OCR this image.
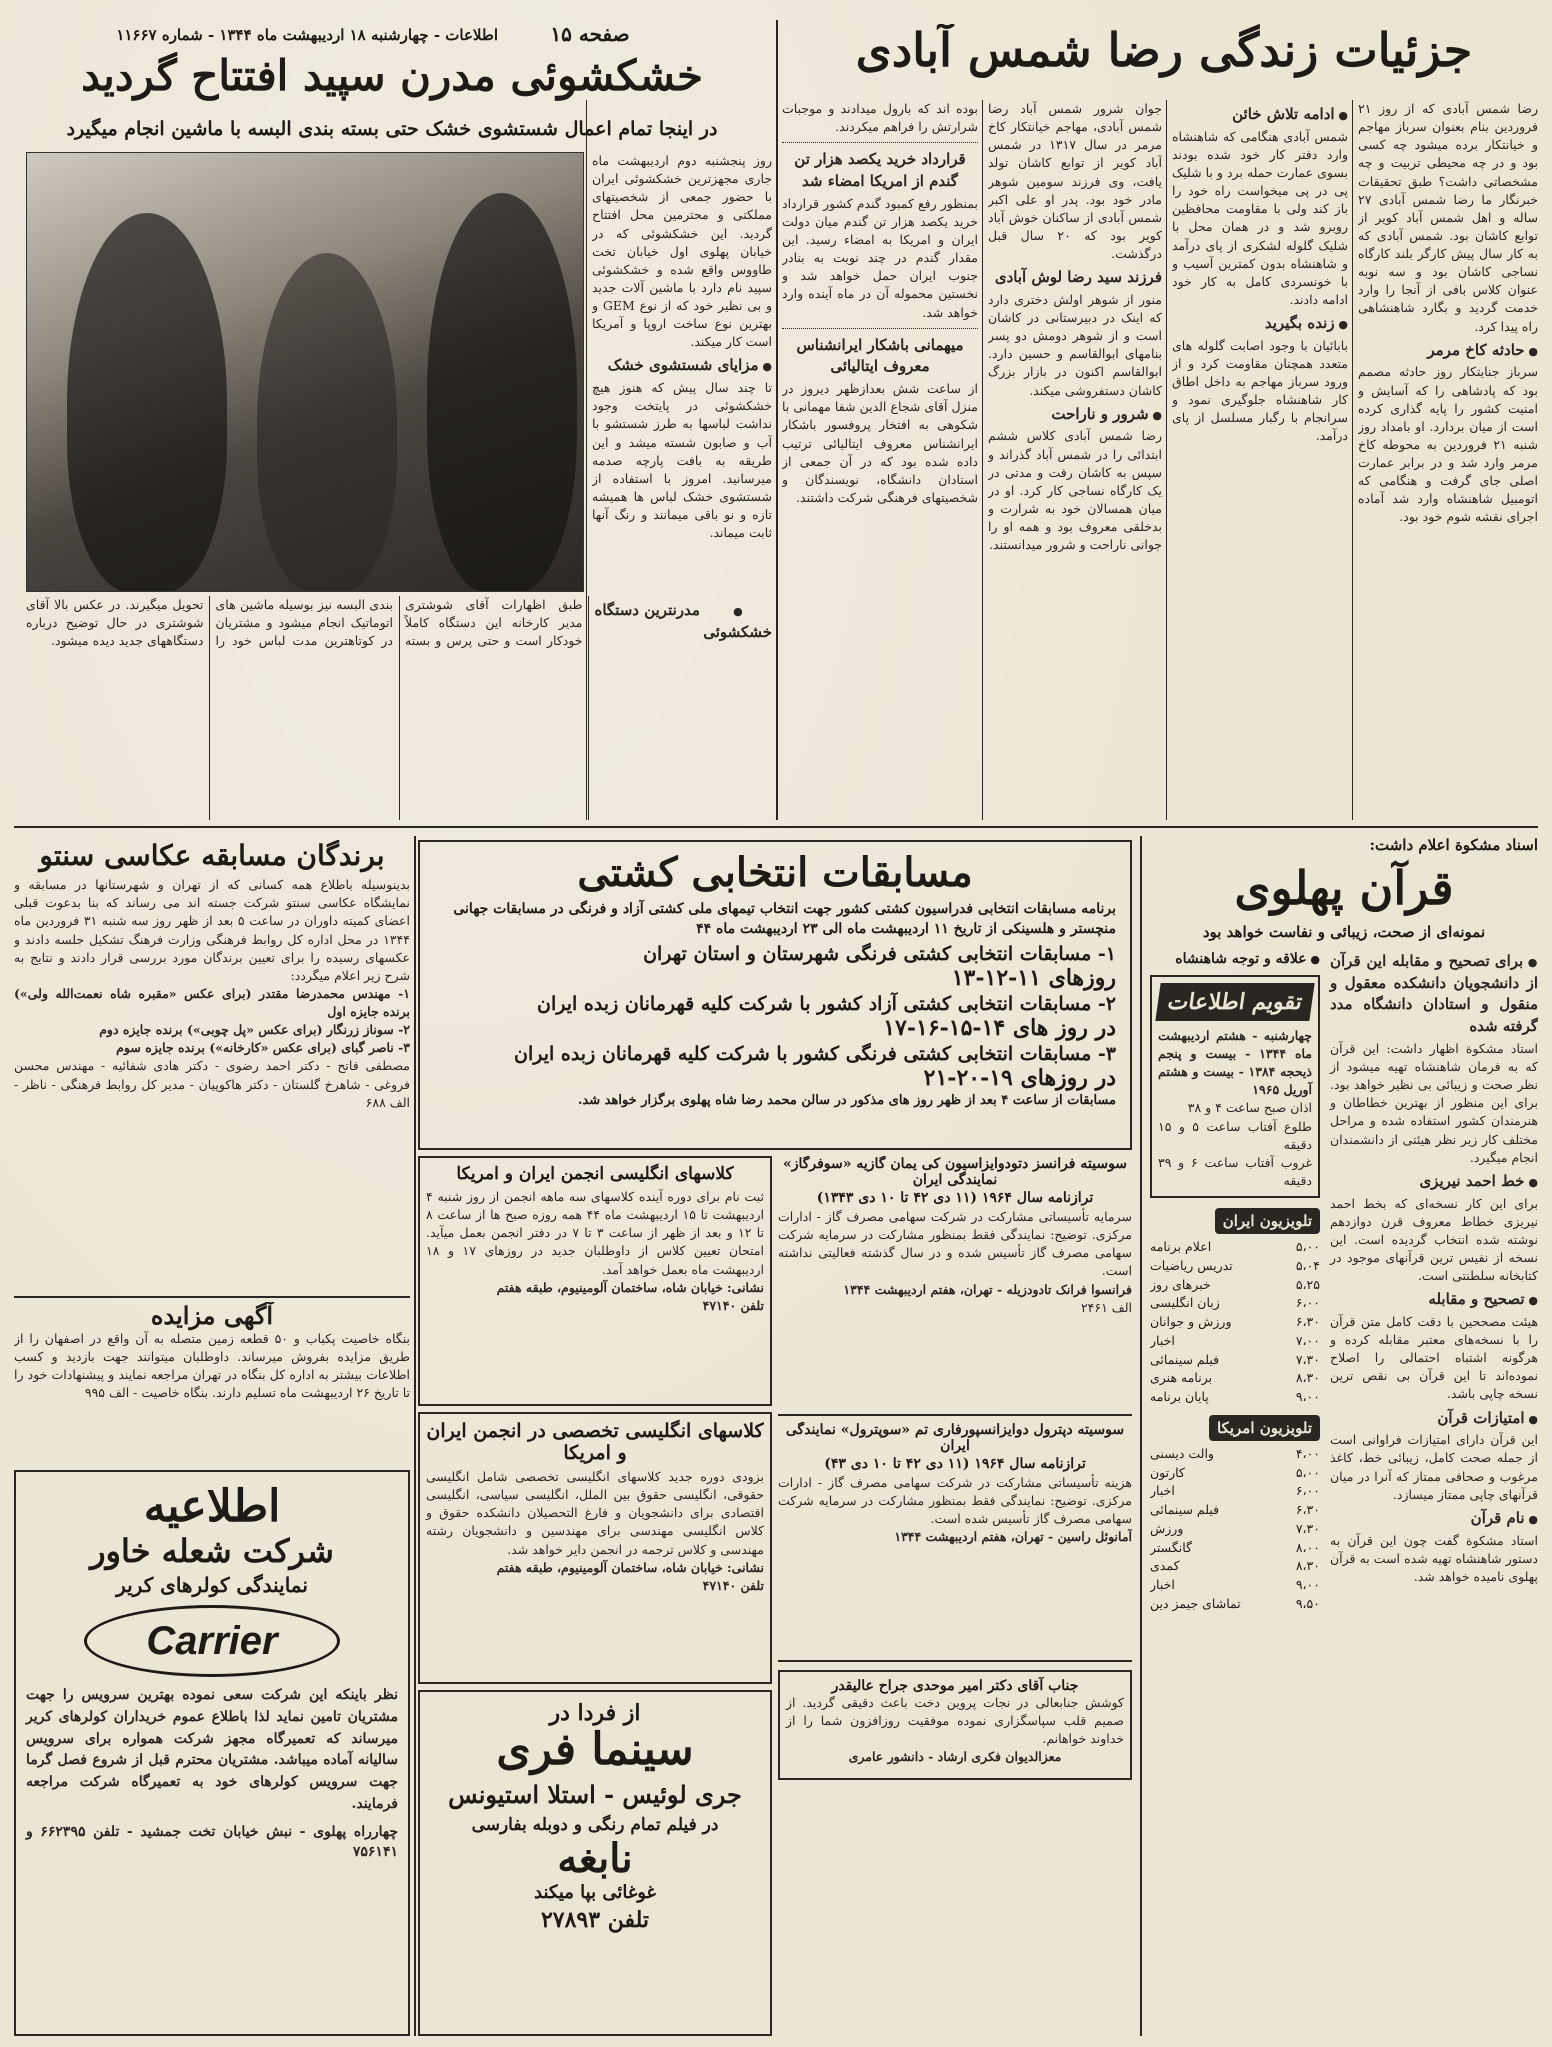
اطلاعات - چهارشنبه ۱۸ اردیبهشت ماه ۱۳۴۴ - شماره ۱۱۶۶۷	صفحه ۱۵	جزئیات زندگی رضا شمس آبادی

رضا شمس آبادی که از روز ۲۱ فروردین بنام بعنوان سرباز مهاجم و خیانتکار برده میشود چه کسی بود و در چه محیطی تربیت و چه مشخصاتی داشت؟ طبق تحقیقات خبرنگار ما رضا شمس آبادی ۲۷ ساله و اهل شمس آباد کویر از توابع کاشان بود. شمس آبادی که به کار سال پیش کارگر بلند کارگاه نساجی کاشان بود و سه نوبه عنوان کلاس بافی از آنجا را وارد خدمت گردید و بگارد شاهنشاهی راه پیدا کرد.

● حادثه کاخ مرمر

سرباز جنایتکار روز حادثه مصمم بود که پادشاهی را که آسایش و امنیت کشور را پایه گذاری کرده است از میان بردارد. او بامداد روز شنبه ۲۱ فروردین به محوطه کاخ مرمر وارد شد و در برابر عمارت اصلی جای گرفت و هنگامی که اتومبیل شاهنشاه وارد شد آماده اجرای نقشه شوم خود بود.

● ادامه تلاش خائن

شمس آبادی هنگامی که شاهنشاه وارد دفتر کار خود شده بودند بسوی عمارت حمله برد و با شلیک پی در پی میخواست راه خود را باز کند ولی با مقاومت محافظین روبرو شد و در همان محل با شلیک گلوله لشکری از پای درآمد و شاهنشاه بدون کمترین آسیب و با خونسردی کامل به کار خود ادامه دادند.

● زنده بگیرید

بابائیان با وجود اصابت گلوله های متعدد همچنان مقاومت کرد و از ورود سرباز مهاجم به داخل اطاق کار شاهنشاه جلوگیری نمود و سرانجام با رگبار مسلسل از پای درآمد.

جوان شرور شمس آباد رضا شمس آبادی، مهاجم خیانتکار کاخ مرمر در سال ۱۳۱۷ در شمس آباد کویر از توابع کاشان تولد یافت، وی فرزند سومین شوهر مادر خود بود. پدر او علی اکبر شمس آبادی از ساکنان خوش آباد کویر بود که ۲۰ سال قبل درگذشت.

فرزند سید رضا لوش آبادی

منور از شوهر اولش دختری دارد که اینک در دبیرستانی در کاشان است و از شوهر دومش دو پسر بنامهای ابوالقاسم و حسین دارد. ابوالقاسم اکنون در بازار بزرگ کاشان دستفروشی میکند.

● شرور و ناراحت

رضا شمس آبادی کلاس ششم ابتدائی را در شمس آباد گذراند و سپس به کاشان رفت و مدتی در یک کارگاه نساجی کار کرد. او در میان همسالان خود به شرارت و بدخلقی معروف بود و همه او را جوانی ناراحت و شرور میدانستند.

بوده اند که بارول میدادند و موجبات شرارتش را فراهم میکردند.

قرارداد خرید یکصد هزار تن گندم از امریکا امضاء شد

بمنظور رفع کمبود گندم کشور قرارداد خرید یکصد هزار تن گندم میان دولت ایران و امریکا به امضاء رسید. این مقدار گندم در چند نوبت به بنادر جنوب ایران حمل خواهد شد و نخستین محموله آن در ماه آینده وارد خواهد شد.

میهمانی باشکار ایرانشناس معروف ایتالیائی

از ساعت شش بعدازظهر دیروز در منزل آقای شجاع الدین شفا مهمانی با شکوهی به افتخار پروفسور باشکار ایرانشناس معروف ایتالیائی ترتیب داده شده بود که در آن جمعی از استادان دانشگاه، نویسندگان و شخصیتهای فرهنگی شرکت داشتند.

خشکشوئی مدرن سپید افتتاح گردید
در اینجا تمام اعمال شستشوی خشک حتی بسته بندی البسه با ماشین انجام میگیرد

روز پنجشنبه دوم اردیبهشت ماه جاری مجهزترین خشکشوئی ایران با حضور جمعی از شخصیتهای مملکتی و محترمین محل افتتاح گردید. این خشکشوئی که در خیابان پهلوی اول خیابان تخت طاووس واقع شده و خشکشوئی سپید نام دارد با ماشین آلات جدید و بی نظیر خود که از نوع GEM و بهترین نوع ساخت اروپا و آمریکا است کار میکند.

● مزایای شستشوی خشک

تا چند سال پیش که هنوز هیچ خشکشوئی در پایتخت وجود نداشت لباسها به طرز شستشو با آب و صابون شسته میشد و این طریقه به بافت پارچه صدمه میرسانید. امروز با استفاده از شستشوی خشک لباس ها همیشه تازه و نو باقی میمانند و رنگ آنها ثابت میماند.

● مدرنترین دستگاه خشکشوئی

طبق اظهارات آقای شوشتری مدیر کارخانه این دستگاه کاملاً خودکار است و حتی پرس و بسته بندی البسه نیز بوسیله ماشین های اتوماتیک انجام میشود و مشتریان در کوتاهترین مدت لباس خود را تحویل میگیرند. در عکس بالا آقای شوشتری در حال توضیح درباره دستگاههای جدید دیده میشود.

اسناد مشکوة اعلام داشت:
قرآن پهلوی
نمونه‌ای از صحت، زیبائی و نفاست خواهد بود
● برای تصحیح و مقابله این قرآن از دانشجویان دانشکده معقول و منقول و استادان دانشگاه مدد گرفته شده

استاد مشکوة اظهار داشت: این قرآن که به فرمان شاهنشاه تهیه میشود از نظر صحت و زیبائی بی نظیر خواهد بود. برای این منظور از بهترین خطاطان و هنرمندان کشور استفاده شده و مراحل مختلف کار زیر نظر هیئتی از دانشمندان انجام میگیرد.

● خط احمد نیریزی

برای این کار نسخه‌ای که بخط احمد نیریزی خطاط معروف قرن دوازدهم نوشته شده انتخاب گردیده است. این نسخه از نفیس ترین قرآنهای موجود در کتابخانه سلطنتی است.

● تصحیح و مقابله

هیئت مصححین با دقت کامل متن قرآن را با نسخه‌های معتبر مقابله کرده و هرگونه اشتباه احتمالی را اصلاح نموده‌اند تا این قرآن بی نقص ترین نسخه چاپی باشد.

● امتیازات قرآن

این قرآن دارای امتیازات فراوانی است از جمله صحت کامل، زیبائی خط، کاغذ مرغوب و صحافی ممتاز که آنرا در میان قرآنهای چاپی ممتاز میسازد.

● نام قرآن

استاد مشکوة گفت چون این قرآن به دستور شاهنشاه تهیه شده است به قرآن پهلوی نامیده خواهد شد.

● علاقه و توجه شاهنشاه
تقویم اطلاعات
چهارشنبه - هشتم اردیبهشت ماه ۱۳۴۴ - بیست و پنجم ذیحجه ۱۳۸۴ - بیست و هشتم آوریل ۱۹۶۵
اذان صبح ساعت ۴ و ۳۸
طلوع آفتاب ساعت ۵ و ۱۵ دقیقه
غروب آفتاب ساعت ۶ و ۳۹ دقیقه
تلویزیون ایران
۵،۰۰
اعلام برنامه
۵،۰۴
تدریس ریاضیات
۵،۲۵
خبرهای روز
۶،۰۰
زبان انگلیسی
۶،۳۰
ورزش و جوانان
۷،۰۰
اخبار
۷،۳۰
فیلم سینمائی
۸،۳۰
برنامه هنری
۹،۰۰
پایان برنامه
تلویزیون امریکا
۴،۰۰
والت دیسنی
۵،۰۰
کارتون
۶،۰۰
اخبار
۶،۳۰
فیلم سینمائی
۷،۳۰
ورزش
۸،۰۰
گانگستر
۸،۳۰
کمدی
۹،۰۰
اخبار
۹،۵۰
تماشای جیمز دین
مسابقات انتخابی کشتی
برنامه مسابقات انتخابی فدراسیون کشتی کشور جهت انتخاب تیمهای ملی کشتی آزاد و فرنگی در مسابقات جهانی منچستر و هلسینکی از تاریخ ۱۱ اردیبهشت ماه الی ۲۳ اردیبهشت ماه ۴۴
۱- مسابقات انتخابی کشتی فرنگی شهرستان و استان تهران
روزهای ۱۱-۱۲-۱۳
۲- مسابقات انتخابی کشتی آزاد کشور با شرکت کلیه قهرمانان زبده ایران
در روز های ۱۴-۱۵-۱۶-۱۷
۳- مسابقات انتخابی کشتی فرنگی کشور با شرکت کلیه قهرمانان زبده ایران
در روزهای ۱۹-۲۰-۲۱
مسابقات از ساعت ۴ بعد از ظهر روز های مذکور در سالن محمد رضا شاه پهلوی برگزار خواهد شد.
سوسیته فرانسز دتودوایزاسیون کی یمان گازیه «سوفرگاز» نمایندگی ایران
ترازنامه سال ۱۹۶۴ (۱۱ دی ۴۲ تا ۱۰ دی ۱۳۴۳)
سرمایه تأسیساتی مشارکت در شرکت سهامی مصرف گاز - ادارات مرکزی. توضیح: نمایندگی فقط بمنظور مشارکت در سرمایه شرکت سهامی مصرف گاز تأسیس شده و در سال گذشته فعالیتی نداشته است.
فرانسوا فرانک تادودزیله - تهران، هفتم اردیبهشت ۱۳۴۴
الف ۲۴۶۱
سوسیته دپترول دوایزانسپورفاری تم «سوپترول» نمایندگی ایران
ترازنامه سال ۱۹۶۴ (۱۱ دی ۴۲ تا ۱۰ دی ۴۳)
هزینه تأسیساتی مشارکت در شرکت سهامی مصرف گاز - ادارات مرکزی. توضیح: نمایندگی فقط بمنظور مشارکت در سرمایه شرکت سهامی مصرف گاز تأسیس شده است.
آمانوئل راسین - تهران، هفتم اردیبهشت ۱۳۴۴
جناب آقای دکتر امیر موحدی جراح عالیقدر
کوشش جنابعالی در نجات پروین دخت باعث دقیقی گردید. از صمیم قلب سپاسگزاری نموده موفقیت روزافزون شما را از خداوند خواهانم.
معزالدیوان فکری ارشاد - دانشور عامری
کلاسهای انگلیسی انجمن ایران و امریکا
ثبت نام برای دوره آینده کلاسهای سه ماهه انجمن از روز شنبه ۴ اردیبهشت تا ۱۵ اردیبهشت ماه ۴۴ همه روزه صبح ها از ساعت ۸ تا ۱۲ و بعد از ظهر از ساعت ۳ تا ۷ در دفتر انجمن بعمل میآید. امتحان تعیین کلاس از داوطلبان جدید در روزهای ۱۷ و ۱۸ اردیبهشت ماه بعمل خواهد آمد.
نشانی: خیابان شاه، ساختمان آلومینیوم، طبقه هفتم
تلفن ۴۷۱۴۰
کلاسهای انگلیسی تخصصی در انجمن ایران و امریکا
بزودی دوره جدید کلاسهای انگلیسی تخصصی شامل انگلیسی حقوقی، انگلیسی حقوق بین الملل، انگلیسی سیاسی، انگلیسی اقتصادی برای دانشجویان و فارغ التحصیلان دانشکده حقوق و کلاس انگلیسی مهندسی برای مهندسین و دانشجویان رشته مهندسی و کلاس ترجمه در انجمن دایر خواهد شد.
نشانی: خیابان شاه، ساختمان آلومینیوم، طبقه هفتم
تلفن ۴۷۱۴۰
از فردا در
سینما فری
جری لوئیس - استلا استیونس
در فیلم تمام رنگی و دوبله بفارسی
نابغه
غوغائی بپا میکند
تلفن ۲۷۸۹۳
برندگان مسابقه عکاسی سنتو
بدینوسیله باطلاع همه کسانی که از تهران و شهرستانها در مسابقه و نمایشگاه عکاسی سنتو شرکت جسته اند می رساند که بنا بدعوت قبلی اعضای کمیته داوران در ساعت ۵ بعد از ظهر روز سه شنبه ۳۱ فروردین ماه ۱۳۴۴ در محل اداره کل روابط فرهنگی وزارت فرهنگ تشکیل جلسه دادند و عکسهای رسیده را برای تعیین برندگان مورد بررسی قرار دادند و نتایج به شرح زیر اعلام میگردد:
۱- مهندس محمدرضا مقتدر (برای عکس «مقبره شاه نعمت‌الله ولی») برنده جایزه اول
۲- سوناز زرنگار (برای عکس «پل چوبی») برنده جایزه دوم
۳- ناصر گبای (برای عکس «کارخانه») برنده جایزه سوم
مصطفی فاتح - دکتر احمد رضوی - دکتر هادی شفائیه - مهندس محسن فروغی - شاهرخ گلستان - دکتر هاکوپیان - مدیر کل روابط فرهنگی - ناظر - الف ۶۸۸
آگهی مزایده
بنگاه خاصیت پکباب و ۵۰ قطعه زمین متصله به آن واقع در اصفهان را از طریق مزایده بفروش میرساند. داوطلبان میتوانند جهت بازدید و کسب اطلاعات بیشتر به اداره کل بنگاه در تهران مراجعه نمایند و پیشنهادات خود را تا تاریخ ۲۶ اردیبهشت ماه تسلیم دارند. بنگاه خاصیت - الف ۹۹۵
اطلاعیه
شرکت شعله خاور
نمایندگی کولرهای کریر
Carrier
نظر باینکه این شرکت سعی نموده بهترین سرویس را جهت مشتریان تامین نماید لذا باطلاع عموم خریداران کولرهای کریر میرساند که تعمیرگاه مجهز شرکت همواره برای سرویس سالیانه آماده میباشد. مشتریان محترم قبل از شروع فصل گرما جهت سرویس کولرهای خود به تعمیرگاه شرکت مراجعه فرمایند.
چهارراه پهلوی - نبش خیابان تخت جمشید - تلفن ۶۶۲۳۹۵ و ۷۵۶۱۴۱
